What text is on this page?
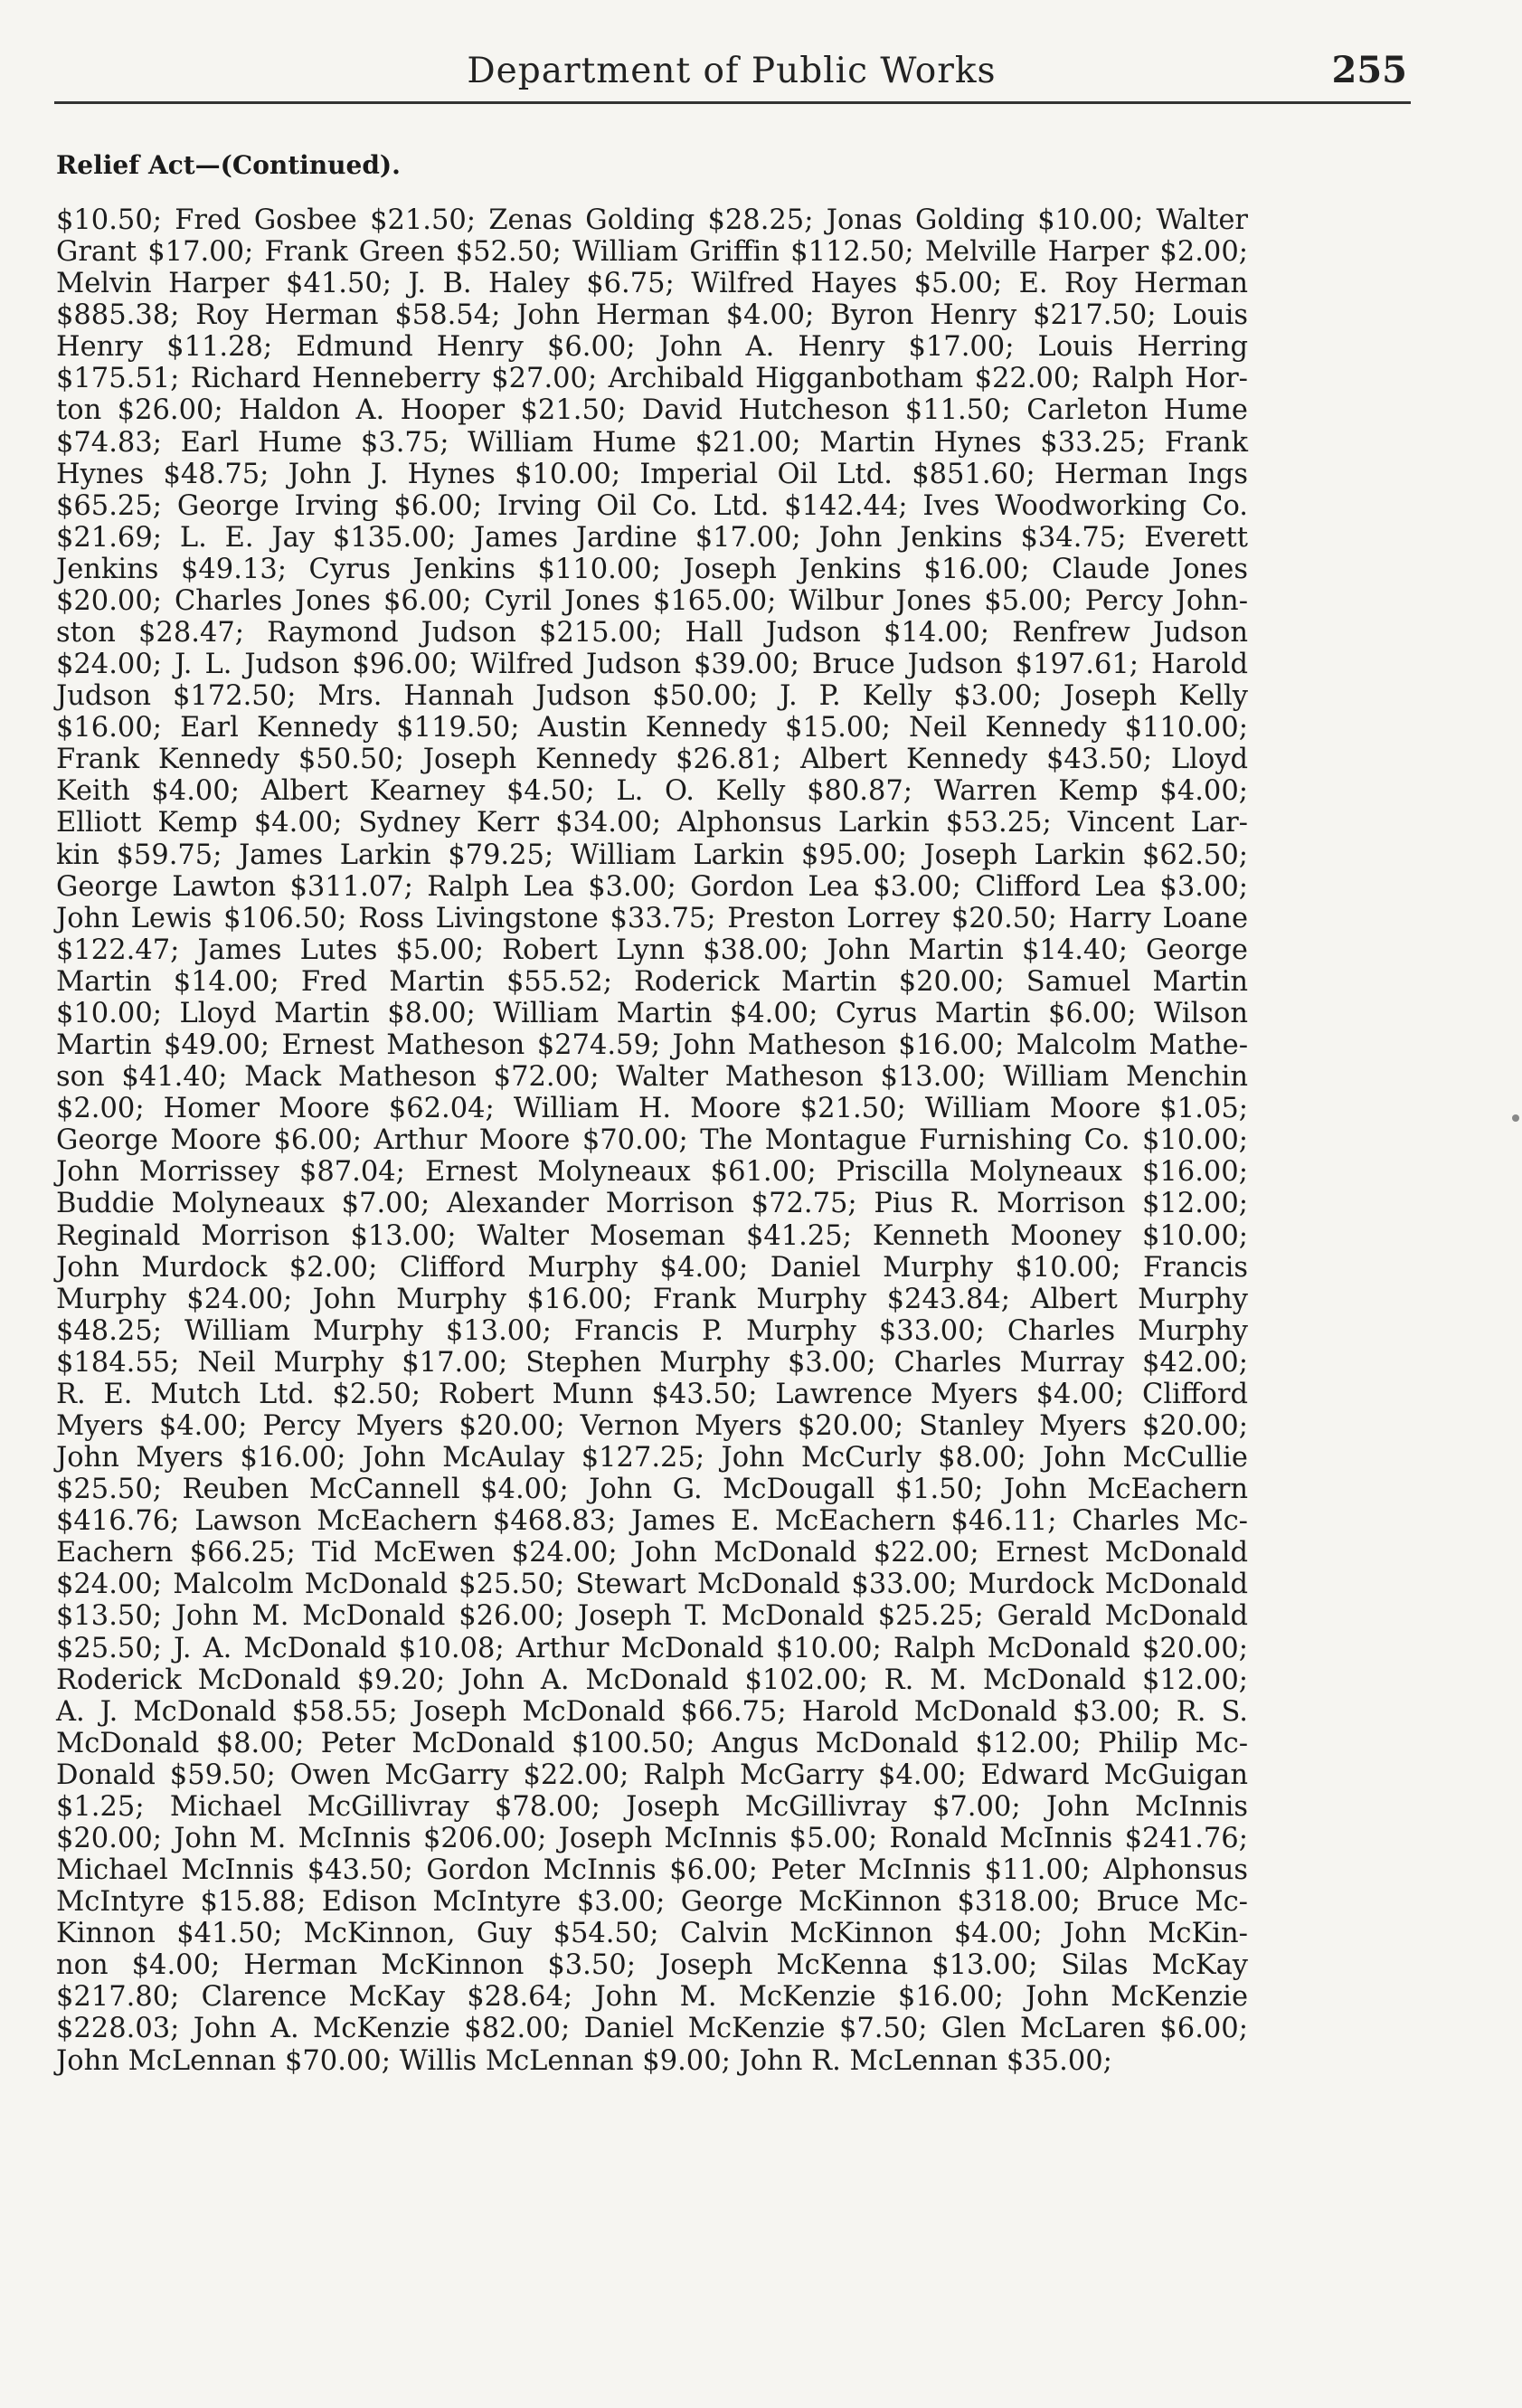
Department of Public Works	255
Relief Act—(Continued).
$10.50; Fred Gosbee $21.50; Zenas Golding $28.25; Jonas Golding $10.00; Walter
Grant $17.00; Frank Green $52.50; William Griffin $112.50; Melville Harper $2.00;
Melvin Harper $41.50; J. B. Haley $6.75; Wilfred Hayes $5.00; E. Roy Herman
$885.38; Roy Herman $58.54; John Herman $4.00; Byron Henry $217.50; Louis
Henry $11.28; Edmund Henry $6.00; John A. Henry $17.00; Louis Herring
$175.51; Richard Henneberry $27.00; Archibald Higganbotham $22.00; Ralph Hor-
ton $26.00; Haldon A. Hooper $21.50; David Hutcheson $11.50; Carleton Hume
$74.83; Earl Hume $3.75; William Hume $21.00; Martin Hynes $33.25; Frank
Hynes $48.75; John J. Hynes $10.00; Imperial Oil Ltd. $851.60; Herman Ings
$65.25; George Irving $6.00; Irving Oil Co. Ltd. $142.44; Ives Woodworking Co.
$21.69; L. E. Jay $135.00; James Jardine $17.00; John Jenkins $34.75; Everett
Jenkins $49.13; Cyrus Jenkins $110.00; Joseph Jenkins $16.00; Claude Jones
$20.00; Charles Jones $6.00; Cyril Jones $165.00; Wilbur Jones $5.00; Percy John-
ston $28.47; Raymond Judson $215.00; Hall Judson $14.00; Renfrew Judson
$24.00; J. L. Judson $96.00; Wilfred Judson $39.00; Bruce Judson $197.61; Harold
Judson $172.50; Mrs. Hannah Judson $50.00; J. P. Kelly $3.00; Joseph Kelly
$16.00; Earl Kennedy $119.50; Austin Kennedy $15.00; Neil Kennedy $110.00;
Frank Kennedy $50.50; Joseph Kennedy $26.81; Albert Kennedy $43.50; Lloyd
Keith $4.00; Albert Kearney $4.50; L. O. Kelly $80.87; Warren Kemp $4.00;
Elliott Kemp $4.00; Sydney Kerr $34.00; Alphonsus Larkin $53.25; Vincent Lar-
kin $59.75; James Larkin $79.25; William Larkin $95.00; Joseph Larkin $62.50;
George Lawton $311.07; Ralph Lea $3.00; Gordon Lea $3.00; Clifford Lea $3.00;
John Lewis $106.50; Ross Livingstone $33.75; Preston Lorrey $20.50; Harry Loane
$122.47; James Lutes $5.00; Robert Lynn $38.00; John Martin $14.40; George
Martin $14.00; Fred Martin $55.52; Roderick Martin $20.00; Samuel Martin
$10.00; Lloyd Martin $8.00; William Martin $4.00; Cyrus Martin $6.00; Wilson
Martin $49.00; Ernest Matheson $274.59; John Matheson $16.00; Malcolm Mathe-
son $41.40; Mack Matheson $72.00; Walter Matheson $13.00; William Menchin
$2.00; Homer Moore $62.04; William H. Moore $21.50; William Moore $1.05;
George Moore $6.00; Arthur Moore $70.00; The Montague Furnishing Co. $10.00;
John Morrissey $87.04; Ernest Molyneaux $61.00; Priscilla Molyneaux $16.00;
Buddie Molyneaux $7.00; Alexander Morrison $72.75; Pius R. Morrison $12.00;
Reginald Morrison $13.00; Walter Moseman $41.25; Kenneth Mooney $10.00;
John Murdock $2.00; Clifford Murphy $4.00; Daniel Murphy $10.00; Francis
Murphy $24.00; John Murphy $16.00; Frank Murphy $243.84; Albert Murphy
$48.25; William Murphy $13.00; Francis P. Murphy $33.00; Charles Murphy
$184.55; Neil Murphy $17.00; Stephen Murphy $3.00; Charles Murray $42.00;
R. E. Mutch Ltd. $2.50; Robert Munn $43.50; Lawrence Myers $4.00; Clifford
Myers $4.00; Percy Myers $20.00; Vernon Myers $20.00; Stanley Myers $20.00;
John Myers $16.00; John McAulay $127.25; John McCurly $8.00; John McCullie
$25.50; Reuben McCannell $4.00; John G. McDougall $1.50; John McEachern
$416.76; Lawson McEachern $468.83; James E. McEachern $46.11; Charles Mc-
Eachern $66.25; Tid McEwen $24.00; John McDonald $22.00; Ernest McDonald
$24.00; Malcolm McDonald $25.50; Stewart McDonald $33.00; Murdock McDonald
$13.50; John M. McDonald $26.00; Joseph T. McDonald $25.25; Gerald McDonald
$25.50; J. A. McDonald $10.08; Arthur McDonald $10.00; Ralph McDonald $20.00;
Roderick McDonald $9.20; John A. McDonald $102.00; R. M. McDonald $12.00;
A. J. McDonald $58.55; Joseph McDonald $66.75; Harold McDonald $3.00; R. S.
McDonald $8.00; Peter McDonald $100.50; Angus McDonald $12.00; Philip Mc-
Donald $59.50; Owen McGarry $22.00; Ralph McGarry $4.00; Edward McGuigan
$1.25; Michael McGillivray $78.00; Joseph McGillivray $7.00; John McInnis
$20.00; John M. McInnis $206.00; Joseph McInnis $5.00; Ronald McInnis $241.76;
Michael McInnis $43.50; Gordon McInnis $6.00; Peter McInnis $11.00; Alphonsus
McIntyre $15.88; Edison McIntyre $3.00; George McKinnon $318.00; Bruce Mc-
Kinnon $41.50; McKinnon, Guy $54.50; Calvin McKinnon $4.00; John McKin-
non $4.00; Herman McKinnon $3.50; Joseph McKenna $13.00; Silas McKay
$217.80; Clarence McKay $28.64; John M. McKenzie $16.00; John McKenzie
$228.03; John A. McKenzie $82.00; Daniel McKenzie $7.50; Glen McLaren $6.00;
John McLennan $70.00; Willis McLennan $9.00; John R. McLennan $35.00;
